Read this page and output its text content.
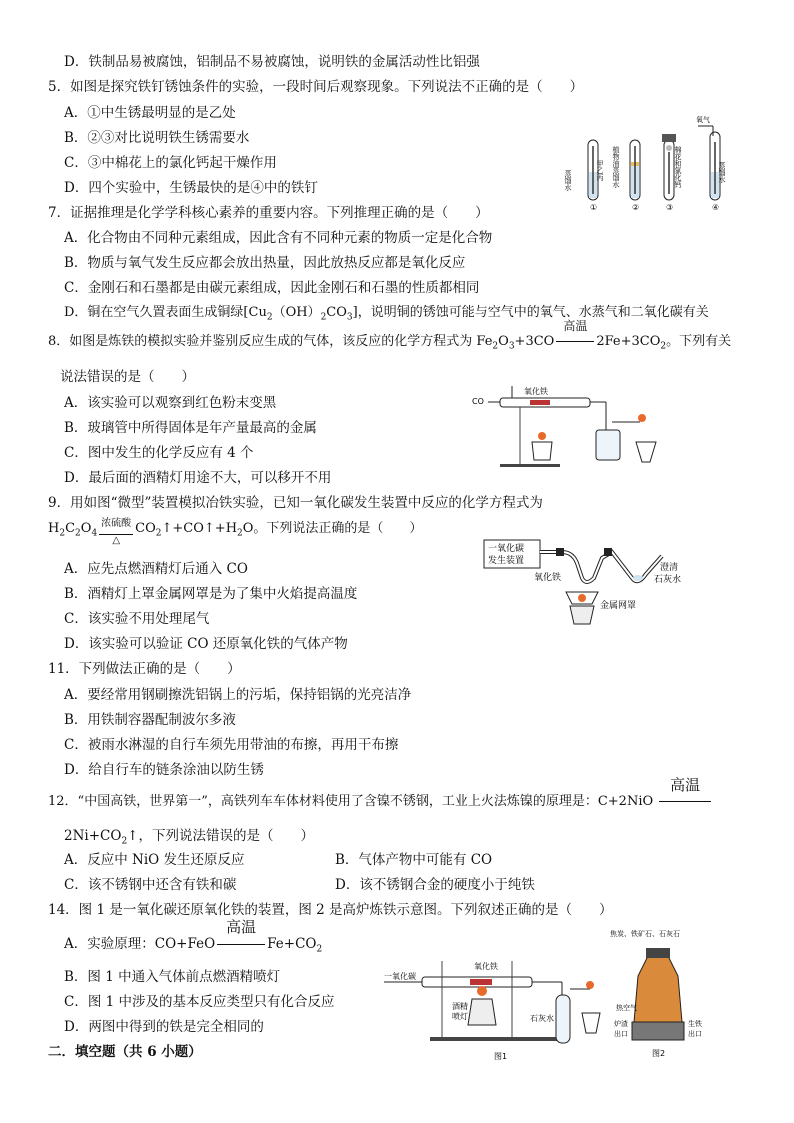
D．铁制品易被腐蚀，铝制品不易被腐蚀，说明铁的金属活动性比铝强
5．如图是探究铁钉锈蚀条件的实验，一段时间后观察现象。下列说法不正确的是（　　）
A．①中生锈最明显的是乙处
B．②③对比说明铁生锈需要水
C．③中棉花上的氯化钙起干燥作用
D．四个实验中，生锈最快的是④中的铁钉	蒸馏水	甲乙丙
①
植物油蒸馏水
②
棉花和氯化钙
③
氧气
蒸馏水
④
7．证据推理是化学学科核心素养的重要内容。下列推理正确的是（　　）
A．化合物由不同种元素组成，因此含有不同种元素的物质一定是化合物
B．物质与氧气发生反应都会放出热量，因此放热反应都是氧化反应
C．金刚石和石墨都是由碳元素组成，因此金刚石和石墨的性质都相同
D．铜在空气久置表面生成铜绿$[Cu_2(OH)_2CO_3]$，说明铜的锈蚀可能与空气中的氧气、水蒸气和二氧化碳有关
8．如图是炼铁的模拟实验并鉴别反应生成的气体，该反应的化学方程式为 $Fe_2O_3+3CO$
高温
$2Fe+3CO_2$。下列有关
说法错误的是（　　）
A．该实验可以观察到红色粉末变黑
B．玻璃管中所得固体是年产量最高的金属
C．图中发生的化学反应有 4 个
D．最后面的酒精灯用途不大，可以移开不用
CO
氧化铁
9．用如图“微型”装置模拟冶铁实验，已知一氧化碳发生装置中反应的化学方程式为
$H_2C_2O_4$
浓硫酸
△
$CO_2↑+CO↑+H_2O$。下列说法正确的是（　　）
A．应先点燃酒精灯后通入 CO
B．酒精灯上罩金属网罩是为了集中火焰提高温度
C．该实验不用处理尾气
D．该实验可以验证 CO 还原氧化铁的气体产物
一氧化碳
发生装置
氧化铁
澄清
石灰水
金属网罩
11．下列做法正确的是（　　）
A．要经常用钢刷擦洗铝锅上的污垢，保持铝锅的光亮洁净
B．用铁制容器配制波尔多液
C．被雨水淋湿的自行车须先用带油的布擦，再用干布擦
D．给自行车的链条涂油以防生锈
12．“中国高铁，世界第一”，高铁列车车体材料使用了含镍不锈钢，工业上火法炼镍的原理是：C+2NiO
高温
$2Ni+CO_2↑$，下列说法错误的是（　　）
A．反应中 NiO 发生还原反应	B．气体产物中可能有 CO
C．该不锈钢中还含有铁和碳	D．该不锈钢合金的硬度小于纯铁
14．图 1 是一氧化碳还原氧化铁的装置，图 2 是高炉炼铁示意图。下列叙述正确的是（　　）
A．实验原理：CO+FeO
高温
$Fe+CO_2$
B．图 1 中通入气体前点燃酒精喷灯
C．图 1 中涉及的基本反应类型只有化合反应
D．两图中得到的铁是完全相同的
一氧化碳
氧化铁
酒精
喷灯	石灰水
图1
焦炭、铁矿石、石灰石
热空气
炉渣
出口
生铁
出口
图2
二．填空题（共 6 小题）
